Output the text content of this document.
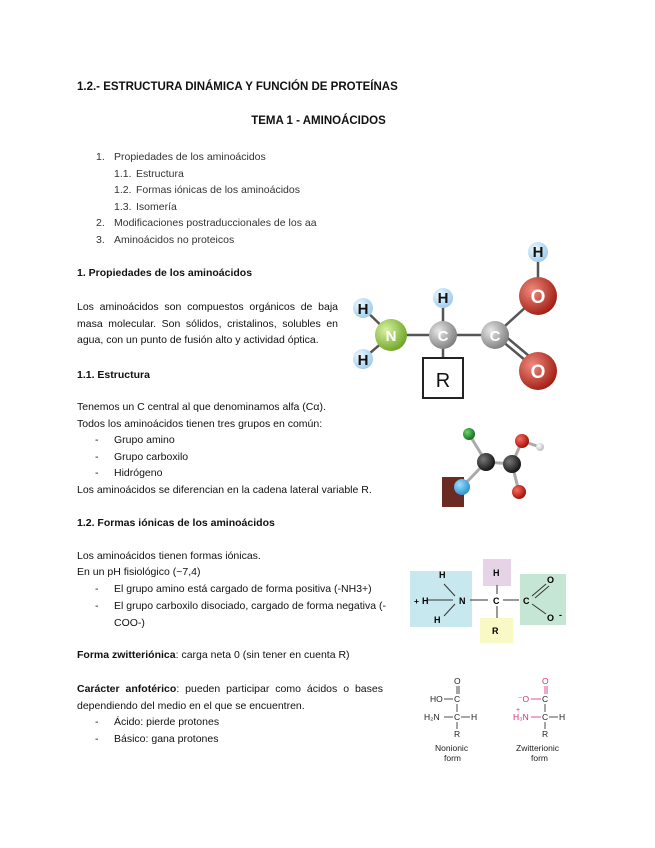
1.2.- ESTRUCTURA DINÁMICA Y FUNCIÓN DE PROTEÍNAS
TEMA 1 - AMINOÁCIDOS
1. Propiedades de los aminoácidos
1.1. Estructura
1.2. Formas iónicas de los aminoácidos
1.3. Isomería
2. Modificaciones postraduccionales de los aa
3. Aminoácidos no proteicos
1. Propiedades de los aminoácidos
Los aminoácidos son compuestos orgánicos de baja masa molecular. Son sólidos, cristalinos, solubles en agua, con un punto de fusión alto y actividad óptica.
1.1. Estructura
Tenemos un C central al que denominamos alfa (Cα).
Todos los aminoácidos tienen tres grupos en común:
- Grupo amino
- Grupo carboxilo
- Hidrógeno
Los aminoácidos se diferencian en la cadena lateral variable R.
1.2. Formas iónicas de los aminoácidos
Los aminoácidos tienen formas iónicas.
En un pH fisiológico (~7,4)
- El grupo amino está cargado de forma positiva (-NH3+)
- El grupo carboxilo disociado, cargado de forma negativa (-COO-)
Forma zwitteriónica: carga neta 0 (sin tener en cuenta R)
Carácter anfotérico: pueden participar como ácidos o bases dependiendo del medio en el que se encuentren.
- Ácido: pierde protones
- Básico: gana protones
R
H
H
N
H
C	C
H
O
O
+ H
H
H
N	C
H
R
C
O
O -
O
HO C
H₂N C H
R
Nonionic
form
O
⁻O C
H₃N
+
C H
R
Zwitterionic
form
